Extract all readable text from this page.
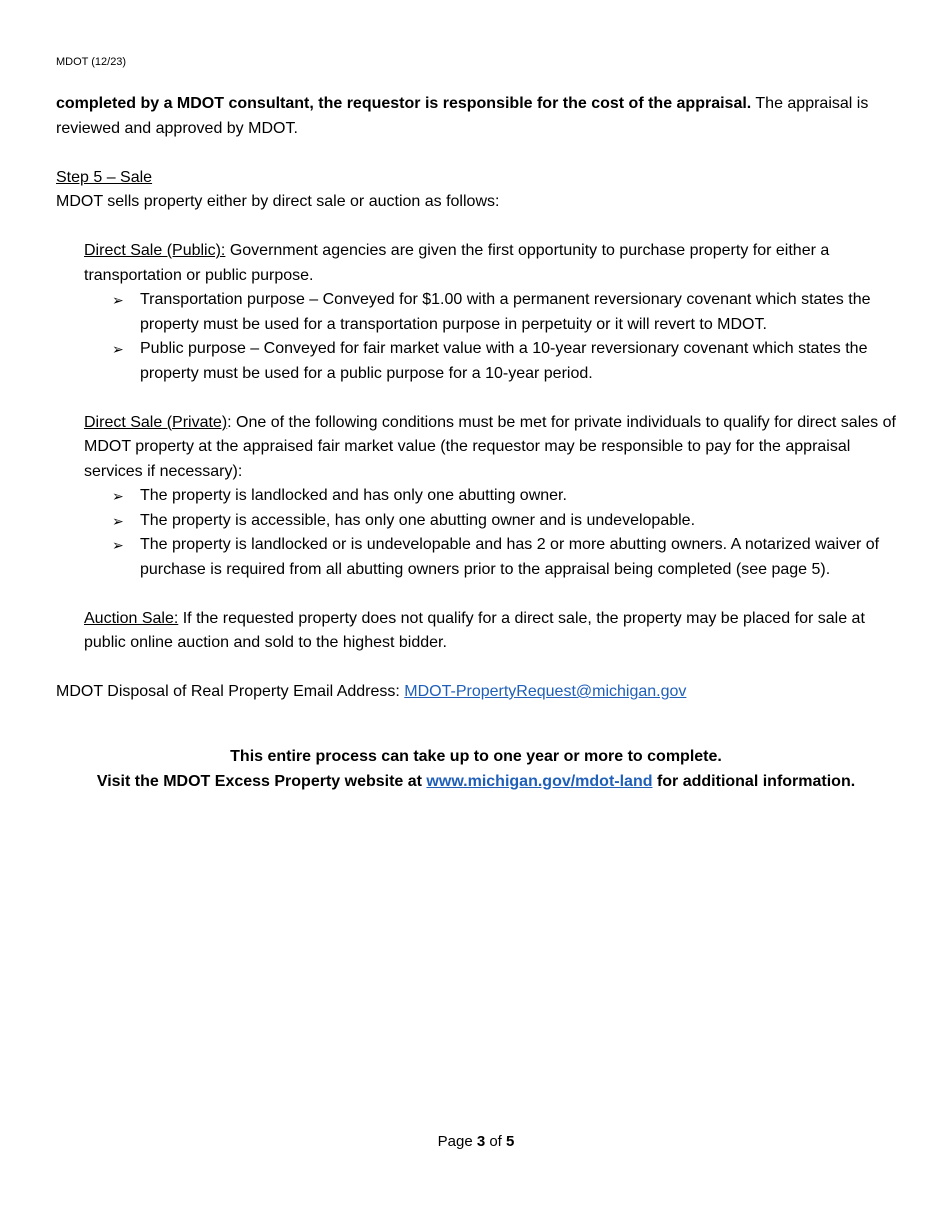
MDOT (12/23)

completed by a MDOT consultant, the requestor is responsible for the cost of the appraisal. The appraisal is reviewed and approved by MDOT.

Step 5 – Sale

MDOT sells property either by direct sale or auction as follows:

Direct Sale (Public): Government agencies are given the first opportunity to purchase property for either a transportation or public purpose.

➢ Transportation purpose – Conveyed for $1.00 with a permanent reversionary covenant which states the property must be used for a transportation purpose in perpetuity or it will revert to MDOT.
➢ Public purpose – Conveyed for fair market value with a 10-year reversionary covenant which states the property must be used for a public purpose for a 10-year period.

Direct Sale (Private): One of the following conditions must be met for private individuals to qualify for direct sales of MDOT property at the appraised fair market value (the requestor may be responsible to pay for the appraisal services if necessary):

➢ The property is landlocked and has only one abutting owner.
➢ The property is accessible, has only one abutting owner and is undevelopable.
➢ The property is landlocked or is undevelopable and has 2 or more abutting owners. A notarized waiver of purchase is required from all abutting owners prior to the appraisal being completed (see page 5).

Auction Sale: If the requested property does not qualify for a direct sale, the property may be placed for sale at public online auction and sold to the highest bidder.

MDOT Disposal of Real Property Email Address: MDOT-PropertyRequest@michigan.gov

This entire process can take up to one year or more to complete.

Visit the MDOT Excess Property website at www.michigan.gov/mdot-land for additional information.

Page 3 of 5
